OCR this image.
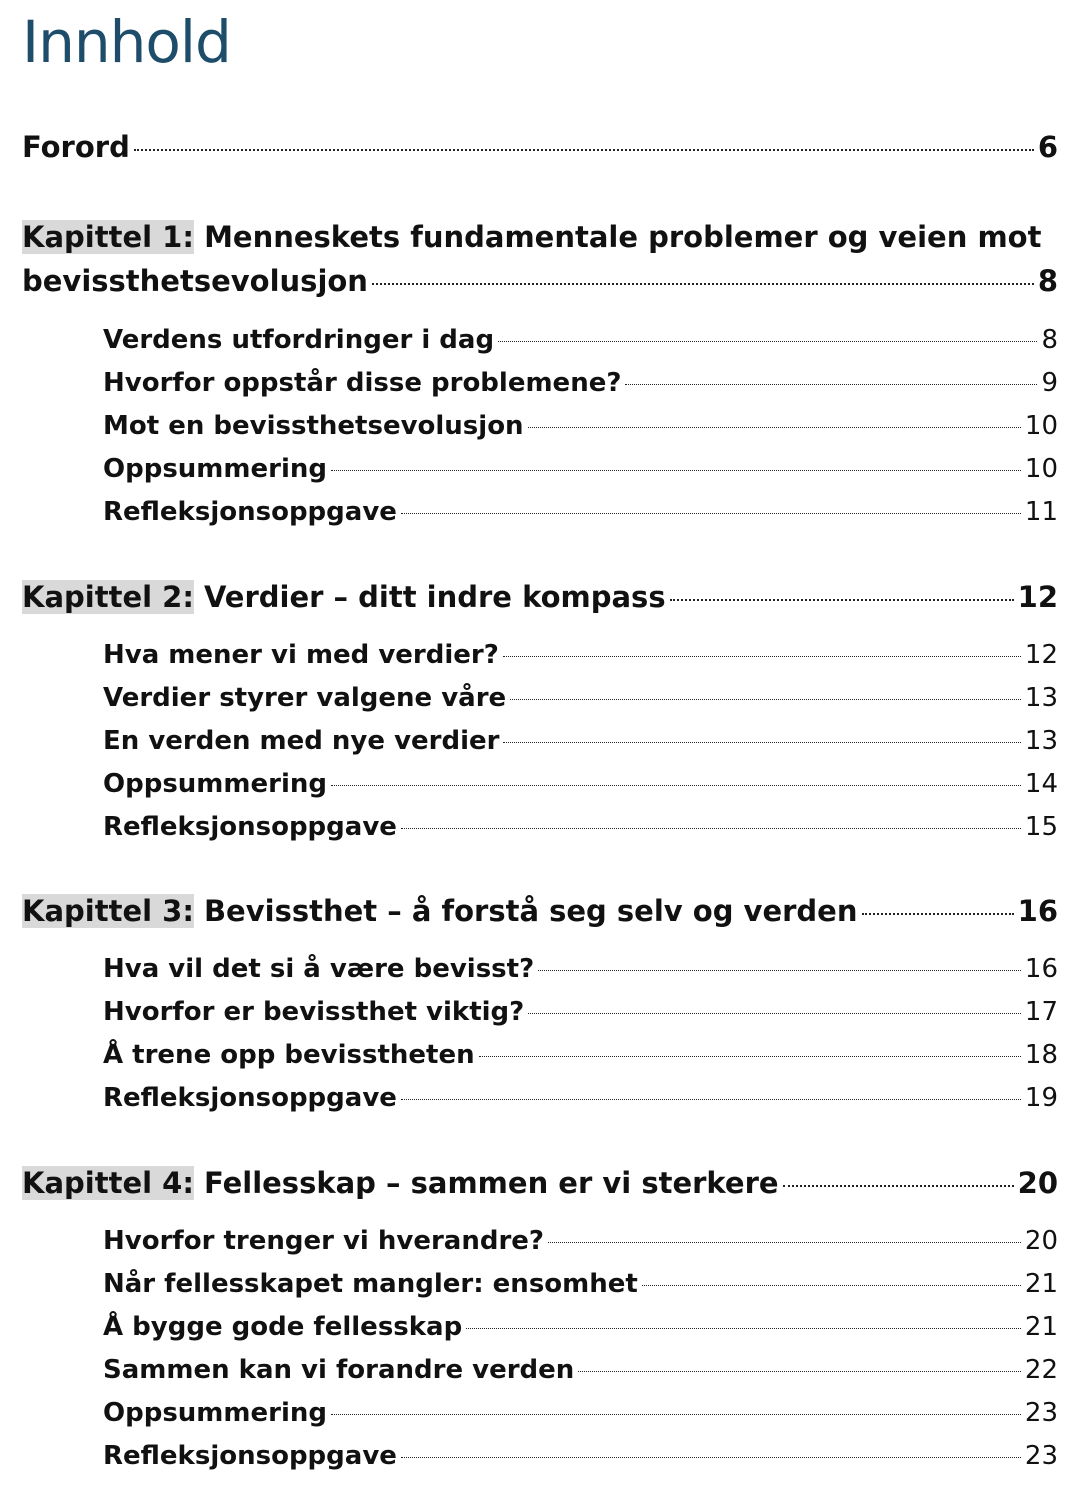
Innhold
Forord	6
Kapittel 1: Menneskets fundamentale problemer og veien mot
bevissthetsevolusjon	8
Verdens utfordringer i dag	8
Hvorfor oppstår disse problemene?	9
Mot en bevissthetsevolusjon	10
Oppsummering	10
Refleksjonsoppgave	11
Kapittel 2: Verdier – ditt indre kompass	12
Hva mener vi med verdier?	12
Verdier styrer valgene våre	13
En verden med nye verdier	13
Oppsummering	14
Refleksjonsoppgave	15
Kapittel 3: Bevissthet – å forstå seg selv og verden	16
Hva vil det si å være bevisst?	16
Hvorfor er bevissthet viktig?	17
Å trene opp bevisstheten	18
Refleksjonsoppgave	19
Kapittel 4: Fellesskap – sammen er vi sterkere	20
Hvorfor trenger vi hverandre?	20
Når fellesskapet mangler: ensomhet	21
Å bygge gode fellesskap	21
Sammen kan vi forandre verden	22
Oppsummering	23
Refleksjonsoppgave	23
